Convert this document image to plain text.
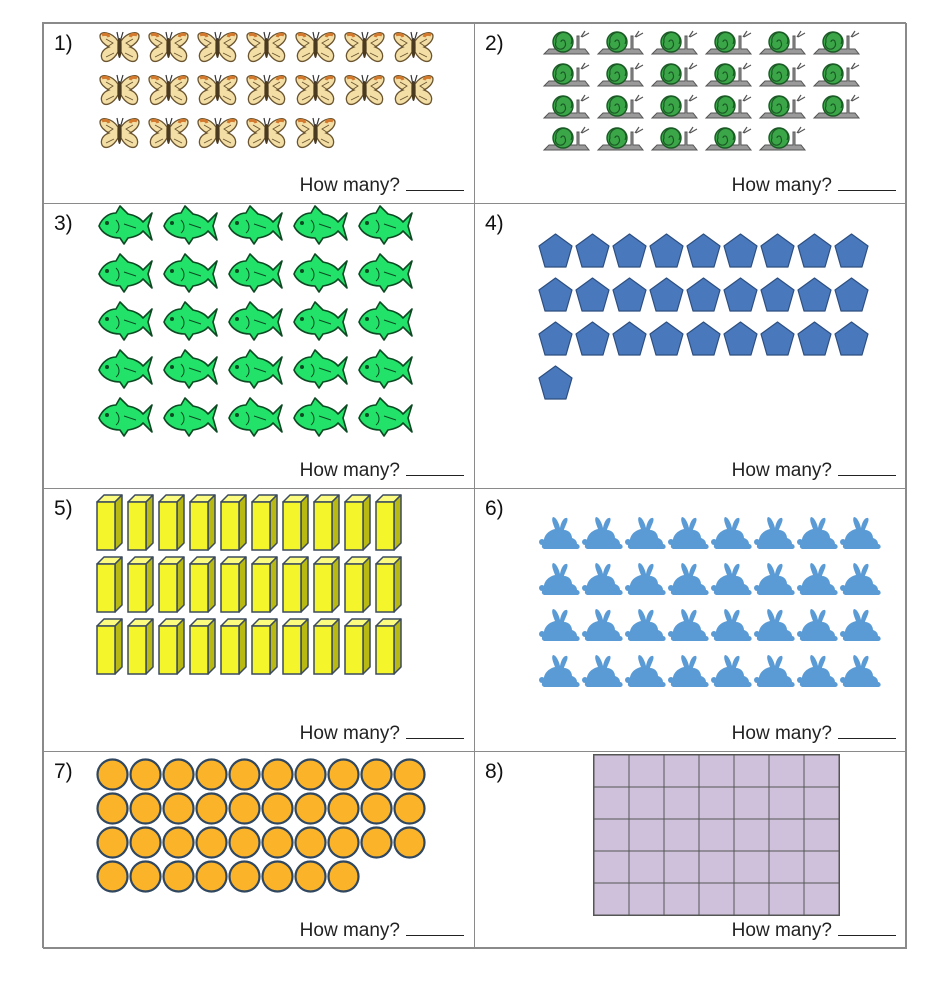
1)
How many?
2)
How many?
3)
How many?
4)
How many?
5)
How many?
6)
How many?
7)
How many?
8)
How many?
